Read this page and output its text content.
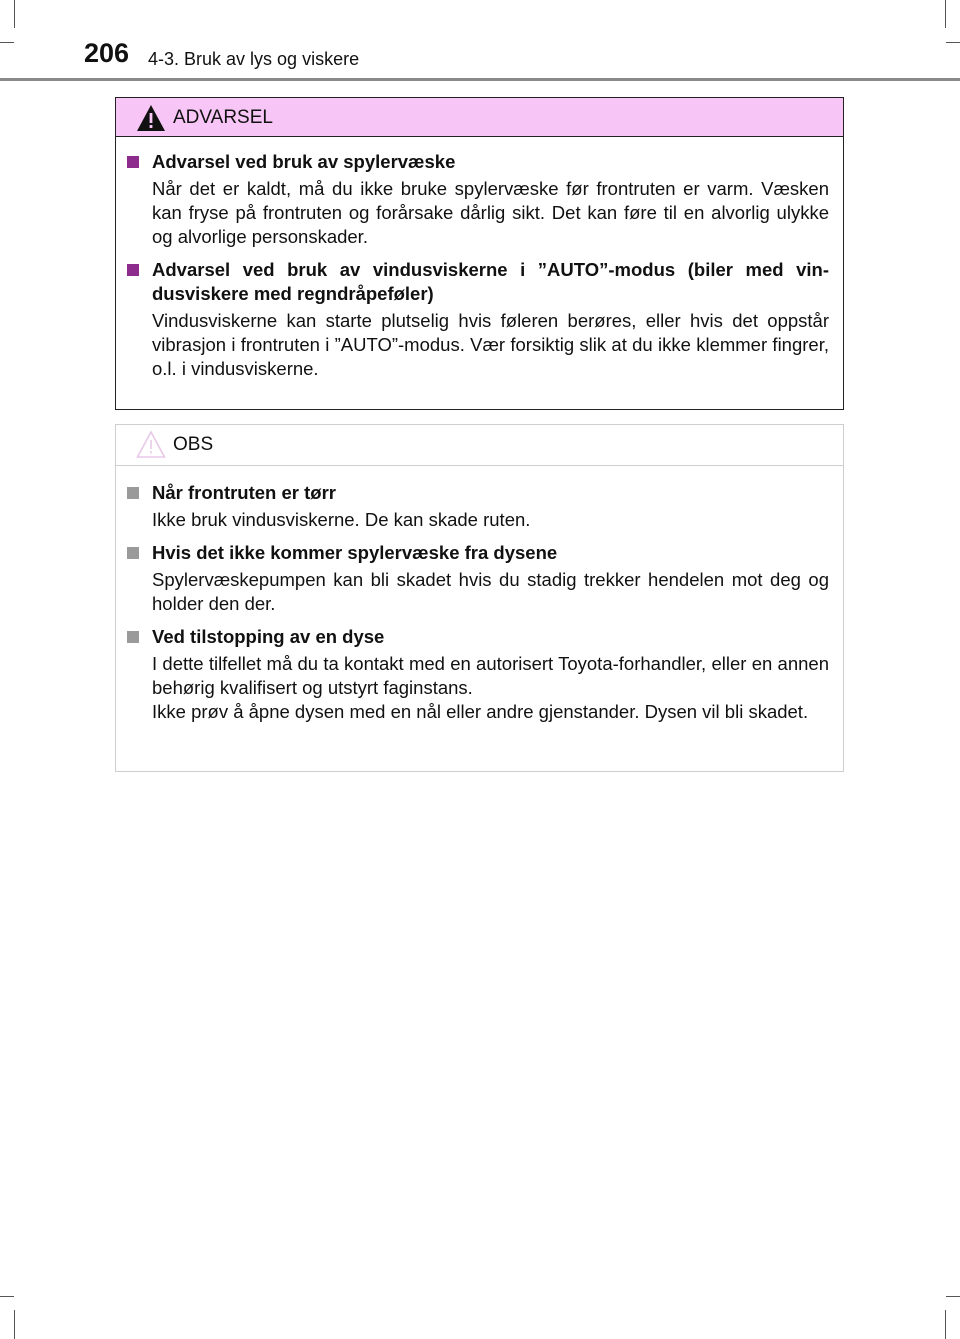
206 4-3. Bruk av lys og viskere
ADVARSEL
Advarsel ved bruk av spylervæske
Når det er kaldt, må du ikke bruke spylervæske før frontruten er varm. Væsken kan fryse på frontruten og forårsake dårlig sikt. Det kan føre til en alvorlig ulykke og alvorlige personskader.
Advarsel ved bruk av vindusviskerne i ”AUTO”-modus (biler med vindusviskere med regndråpeføler)
Vindusviskerne kan starte plutselig hvis føleren berøres, eller hvis det oppstår vibrasjon i frontruten i ”AUTO”-modus. Vær forsiktig slik at du ikke klemmer fingrer, o.l. i vindusviskerne.
OBS
Når frontruten er tørr
Ikke bruk vindusviskerne. De kan skade ruten.
Hvis det ikke kommer spylervæske fra dysene
Spylervæskepumpen kan bli skadet hvis du stadig trekker hendelen mot deg og holder den der.
Ved tilstopping av en dyse
I dette tilfellet må du ta kontakt med en autorisert Toyota-forhandler, eller en annen behørig kvalifisert og utstyrt faginstans.
Ikke prøv å åpne dysen med en nål eller andre gjenstander. Dysen vil bli skadet.
